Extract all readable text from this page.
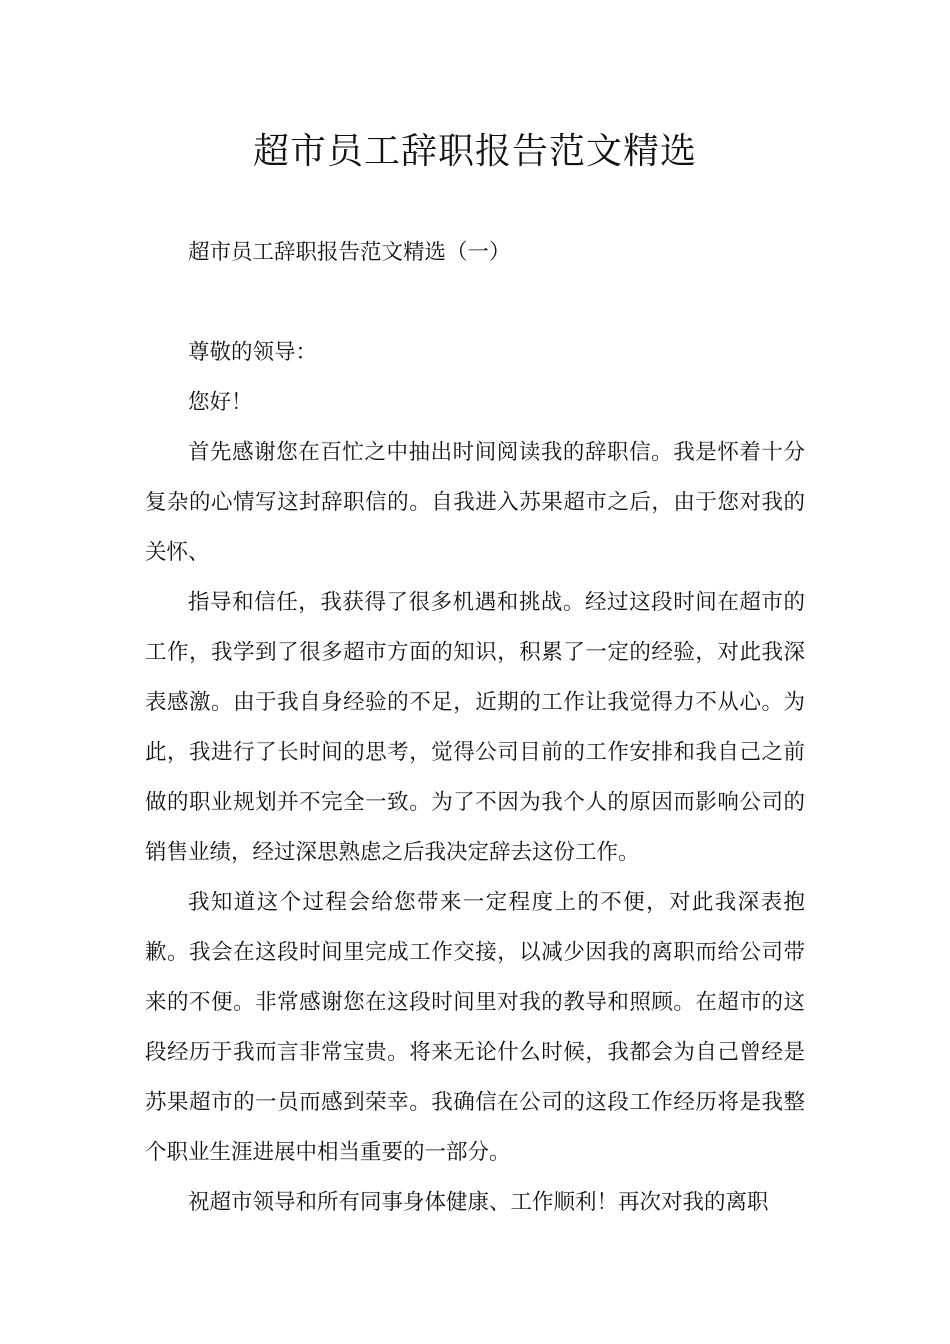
超市员工辞职报告范文精选

超市员工辞职报告范文精选（一）

尊敬的领导：

您好！

首先感谢您在百忙之中抽出时间阅读我的辞职信。我是怀着十分复杂的心情写这封辞职信的。自我进入苏果超市之后，由于您对我的关怀、

指导和信任，我获得了很多机遇和挑战。经过这段时间在超市的工作，我学到了很多超市方面的知识，积累了一定的经验，对此我深表感激。由于我自身经验的不足，近期的工作让我觉得力不从心。为此，我进行了长时间的思考，觉得公司目前的工作安排和我自己之前做的职业规划并不完全一致。为了不因为我个人的原因而影响公司的销售业绩，经过深思熟虑之后我决定辞去这份工作。

我知道这个过程会给您带来一定程度上的不便，对此我深表抱歉。我会在这段时间里完成工作交接，以减少因我的离职而给公司带来的不便。非常感谢您在这段时间里对我的教导和照顾。在超市的这段经历于我而言非常宝贵。将来无论什么时候，我都会为自己曾经是苏果超市的一员而感到荣幸。我确信在公司的这段工作经历将是我整个职业生涯进展中相当重要的一部分。

祝超市领导和所有同事身体健康、工作顺利！再次对我的离职
